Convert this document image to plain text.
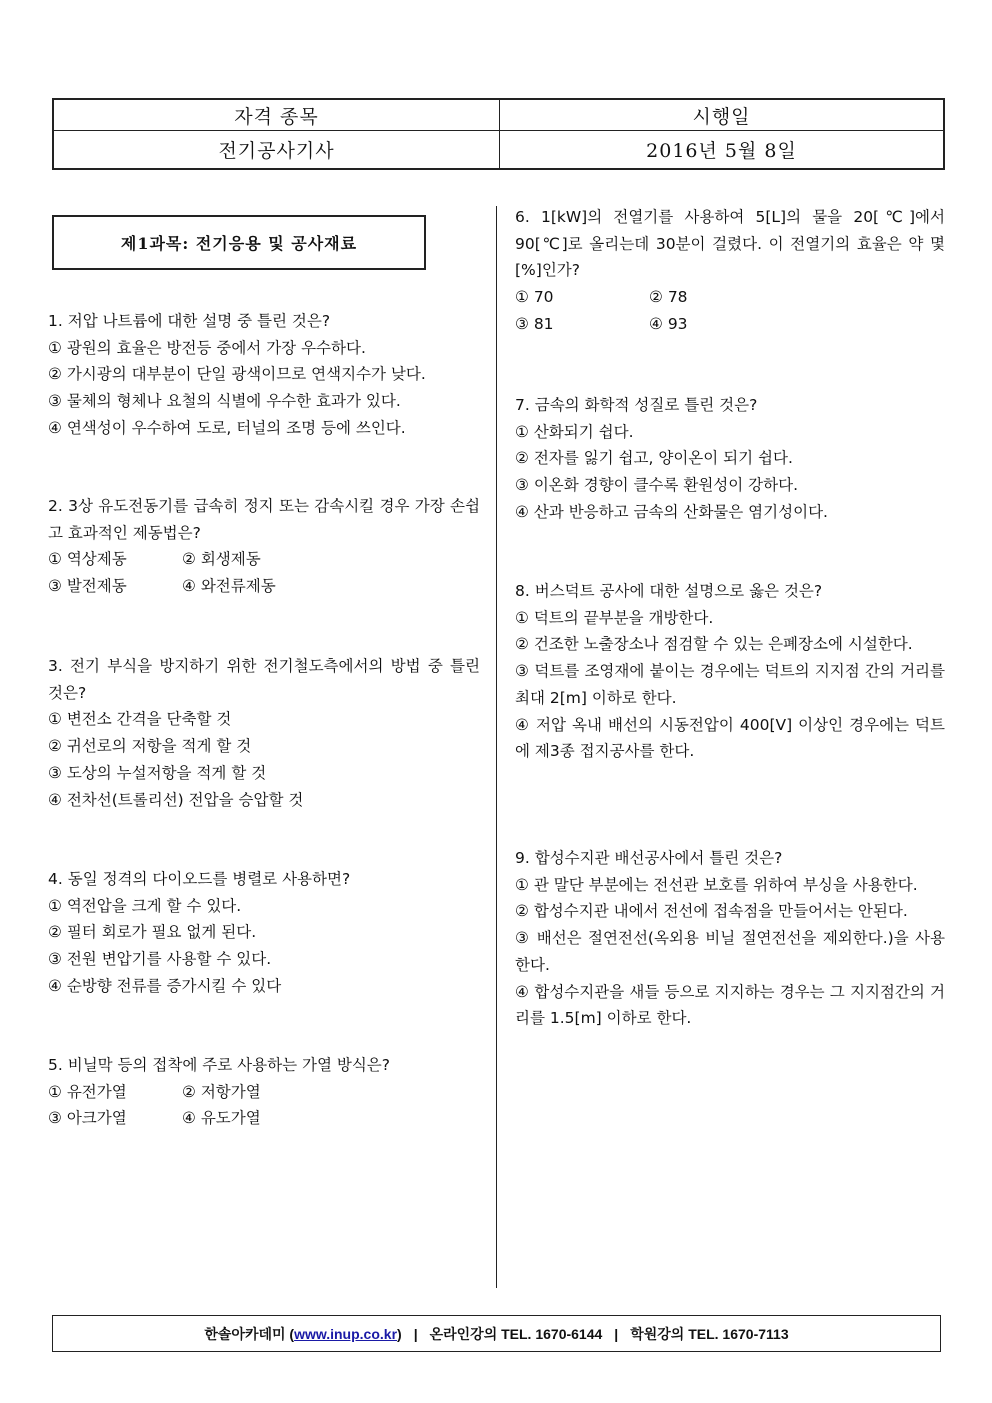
자격 종목	시행일
전기공사기사	2016년 5월 8일
제1과목: 전기응용 및 공사재료
1. 저압 나트륨에 대한 설명 중 틀린 것은?
① 광원의 효율은 방전등 중에서 가장 우수하다.
② 가시광의 대부분이 단일 광색이므로 연색지수가 낮다.
③ 물체의 형체나 요철의 식별에 우수한 효과가 있다.
④ 연색성이 우수하여 도로, 터널의 조명 등에 쓰인다.
2. 3상 유도전동기를 급속히 정지 또는 감속시킬 경우 가장 손쉽고 효과적인 제동법은?
① 역상제동	② 회생제동
③ 발전제동	④ 와전류제동
3. 전기 부식을 방지하기 위한 전기철도측에서의 방법 중 틀린 것은?
① 변전소 간격을 단축할 것
② 귀선로의 저항을 적게 할 것
③ 도상의 누설저항을 적게 할 것
④ 전차선(트롤리선) 전압을 승압할 것
4. 동일 정격의 다이오드를 병렬로 사용하면?
① 역전압을 크게 할 수 있다.
② 필터 회로가 필요 없게 된다.
③ 전원 변압기를 사용할 수 있다.
④ 순방향 전류를 증가시킬 수 있다
5. 비닐막 등의 접착에 주로 사용하는 가열 방식은?
① 유전가열	② 저항가열
③ 아크가열	④ 유도가열
6. 1[kW]의 전열기를 사용하여 5[L]의 물을 20[℃]에서 90[℃]로 올리는데 30분이 걸렸다. 이 전열기의 효율은 약 몇 [%]인가?
① 70	② 78
③ 81	④ 93
7. 금속의 화학적 성질로 틀린 것은?
① 산화되기 쉽다.
② 전자를 잃기 쉽고, 양이온이 되기 쉽다.
③ 이온화 경향이 클수록 환원성이 강하다.
④ 산과 반응하고 금속의 산화물은 염기성이다.
8. 버스덕트 공사에 대한 설명으로 옳은 것은?
① 덕트의 끝부분을 개방한다.
② 건조한 노출장소나 점검할 수 있는 은폐장소에 시설한다.
③ 덕트를 조영재에 붙이는 경우에는 덕트의 지지점 간의 거리를 최대 2[m] 이하로 한다.
④ 저압 옥내 배선의 시동전압이 400[V] 이상인 경우에는 덕트에 제3종 접지공사를 한다.
9. 합성수지관 배선공사에서 틀린 것은?
① 관 말단 부분에는 전선관 보호를 위하여 부싱을 사용한다.
② 합성수지관 내에서 전선에 접속점을 만들어서는 안된다.
③ 배선은 절연전선(옥외용 비닐 절연전선을 제외한다.)을 사용한다.
④ 합성수지관을 새들 등으로 지지하는 경우는 그 지지점간의 거리를 1.5[m] 이하로 한다.
한솔아카데미 (www.inup.co.kr) | 온라인강의 TEL. 1670-6144 | 학원강의 TEL. 1670-7113
